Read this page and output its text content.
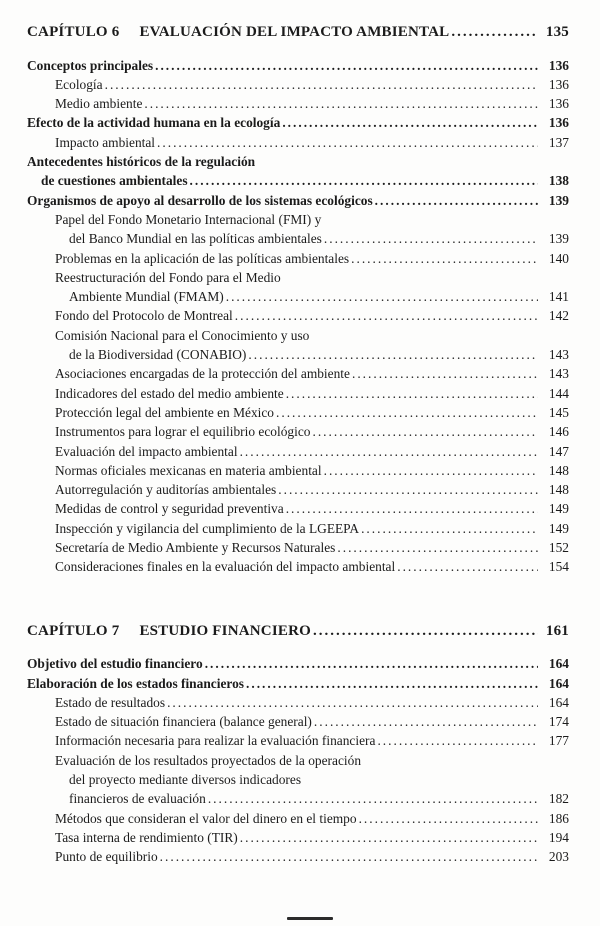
CAPÍTULO 6 EVALUACIÓN DEL IMPACTO AMBIENTAL .....	135
Conceptos principales .....	136
Ecología .....	136
Medio ambiente .....	136
Efecto de la actividad humana en la ecología .....	136
Impacto ambiental .....	137
Antecedentes históricos de la regulación
de cuestiones ambientales .....	138
Organismos de apoyo al desarrollo de los sistemas ecológicos .....	139
Papel del Fondo Monetario Internacional (FMI) y
del Banco Mundial en las políticas ambientales .....	139
Problemas en la aplicación de las políticas ambientales .....	140
Reestructuración del Fondo para el Medio
Ambiente Mundial (FMAM) .....	141
Fondo del Protocolo de Montreal .....	142
Comisión Nacional para el Conocimiento y uso
de la Biodiversidad (CONABIO) .....	143
Asociaciones encargadas de la protección del ambiente .....	143
Indicadores del estado del medio ambiente .....	144
Protección legal del ambiente en México .....	145
Instrumentos para lograr el equilibrio ecológico .....	146
Evaluación del impacto ambiental .....	147
Normas oficiales mexicanas en materia ambiental .....	148
Autorregulación y auditorías ambientales .....	148
Medidas de control y seguridad preventiva .....	149
Inspección y vigilancia del cumplimiento de la LGEEPA .....	149
Secretaría de Medio Ambiente y Recursos Naturales .....	152
Consideraciones finales en la evaluación del impacto ambiental .....	154
CAPÍTULO 7 ESTUDIO FINANCIERO .....	161
Objetivo del estudio financiero .....	164
Elaboración de los estados financieros .....	164
Estado de resultados .....	164
Estado de situación financiera (balance general) .....	174
Información necesaria para realizar la evaluación financiera .....	177
Evaluación de los resultados proyectados de la operación
del proyecto mediante diversos indicadores
financieros de evaluación .....	182
Métodos que consideran el valor del dinero en el tiempo .....	186
Tasa interna de rendimiento (TIR) .....	194
Punto de equilibrio .....	203
